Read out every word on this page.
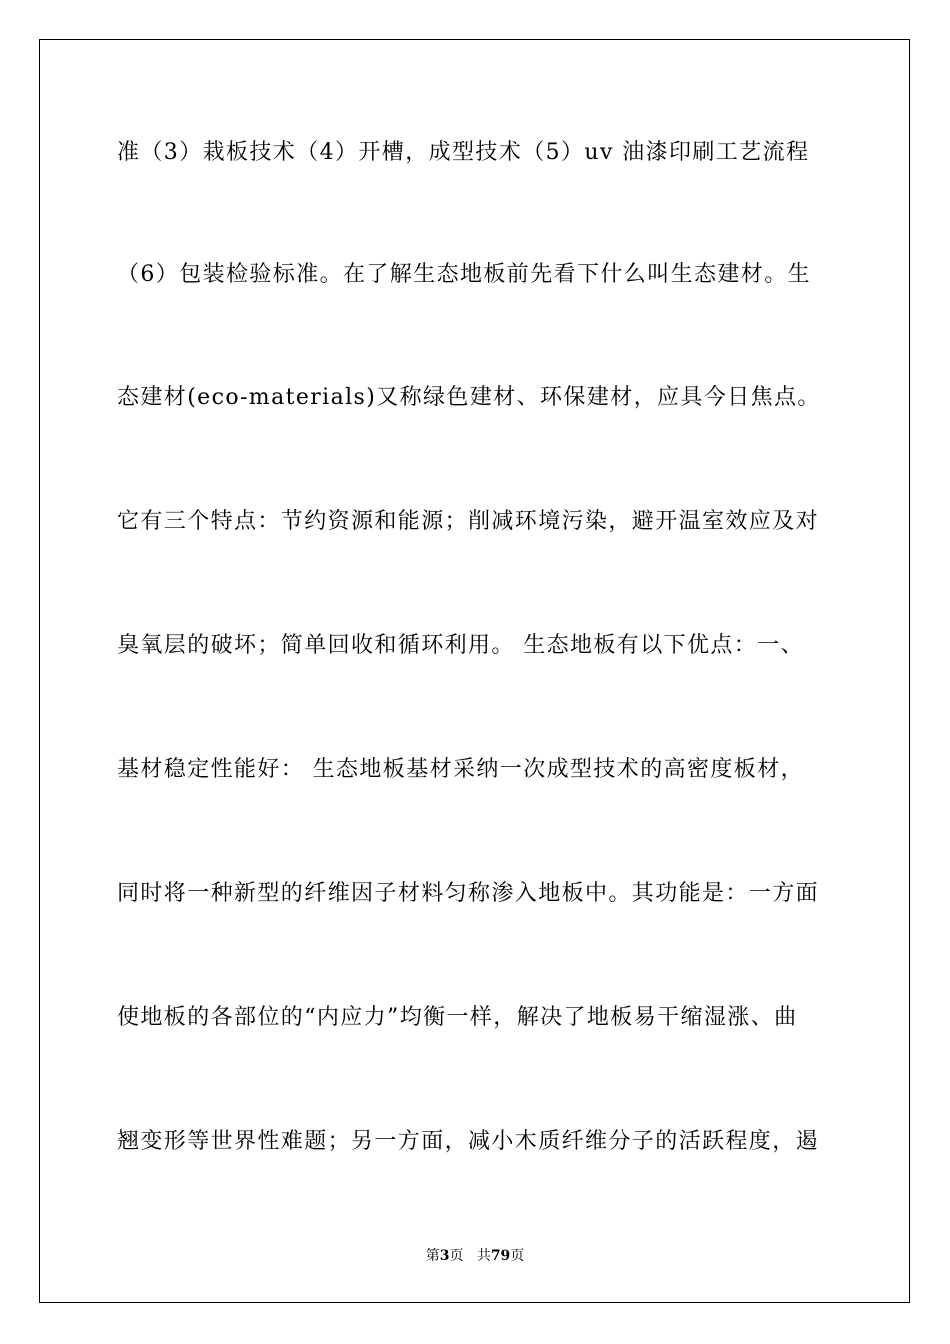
准（3）栽板技术（4）开槽，成型技术（5）uv 油漆印刷工艺流程
（6）包装检验标准。在了解生态地板前先看下什么叫生态建材。生
态建材(eco-materials)又称绿色建材、环保建材，应具今日焦点。
它有三个特点：节约资源和能源；削减环境污染，避开温室效应及对
臭氧层的破坏；简单回收和循环利用。 生态地板有以下优点：一、
基材稳定性能好： 生态地板基材采纳一次成型技术的高密度板材，
同时将一种新型的纤维因子材料匀称渗入地板中。其功能是：一方面
使地板的各部位的“内应力”均衡一样，解决了地板易干缩湿涨、曲
翘变形等世界性难题；另一方面，减小木质纤维分子的活跃程度，遏
第3页 共79页
